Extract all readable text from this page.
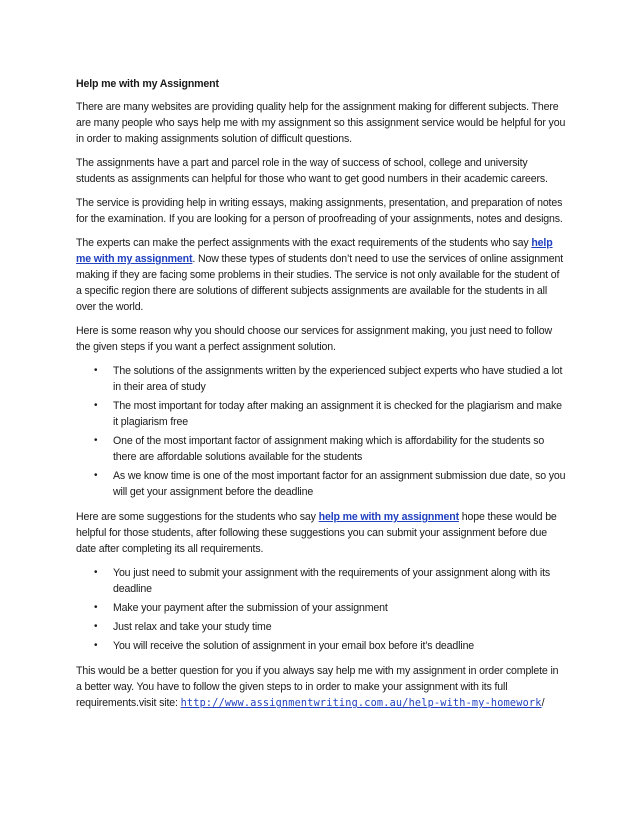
Help me with my Assignment

There are many websites are providing quality help for the assignment making for different subjects. There are many people who says help me with my assignment so this assignment service would be helpful for you in order to making assignments solution of difficult questions.

The assignments have a part and parcel role in the way of success of school, college and university students as assignments can helpful for those who want to get good numbers in their academic careers.

The service is providing help in writing essays, making assignments, presentation, and preparation of notes for the examination. If you are looking for a person of proofreading of your assignments, notes and designs.

The experts can make the perfect assignments with the exact requirements of the students who say help me with my assignment. Now these types of students don’t need to use the services of online assignment making if they are facing some problems in their studies. The service is not only available for the student of a specific region there are solutions of different subjects assignments are available for the students in all over the world.

Here is some reason why you should choose our services for assignment making, you just need to follow the given steps if you want a perfect assignment solution.

• The solutions of the assignments written by the experienced subject experts who have studied a lot in their area of study
• The most important for today after making an assignment it is checked for the plagiarism and make it plagiarism free
• One of the most important factor of assignment making which is affordability for the students so there are affordable solutions available for the students
• As we know time is one of the most important factor for an assignment submission due date, so you will get your assignment before the deadline

Here are some suggestions for the students who say help me with my assignment hope these would be helpful for those students, after following these suggestions you can submit your assignment before due date after completing its all requirements.

• You just need to submit your assignment with the requirements of your assignment along with its deadline
• Make your payment after the submission of your assignment
• Just relax and take your study time
• You will receive the solution of assignment in your email box before it’s deadline

This would be a better question for you if you always say help me with my assignment in order complete in a better way. You have to follow the given steps to in order to make your assignment with its full requirements.visit site: http://www.assignmentwriting.com.au/help-with-my-homework/
